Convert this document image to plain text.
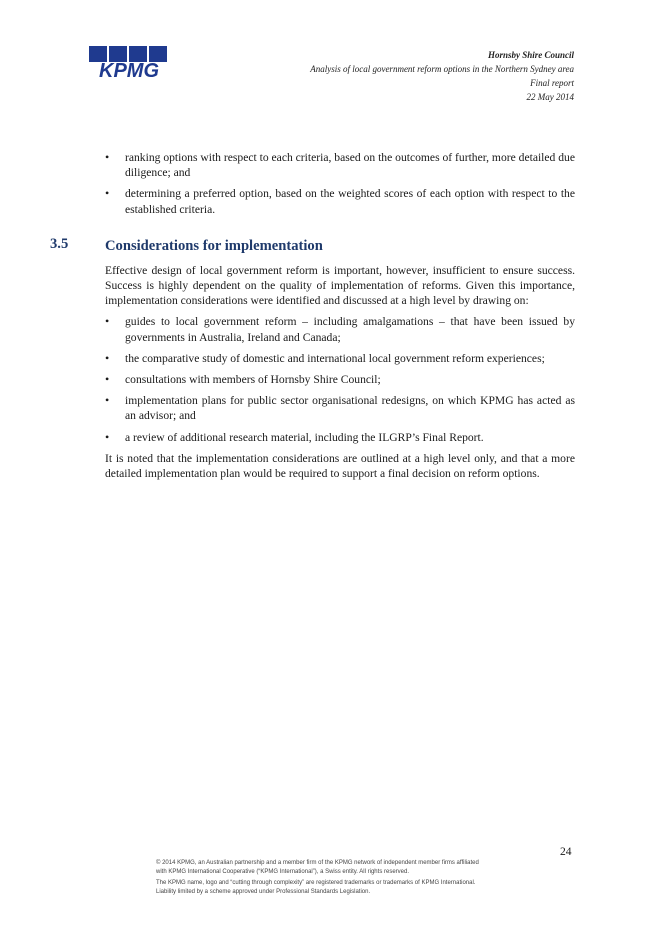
KPMG
Hornsby Shire Council
Analysis of local government reform options in the Northern Sydney area
Final report
22 May 2014
• ranking options with respect to each criteria, based on the outcomes of further, more detailed due diligence; and
• determining a preferred option, based on the weighted scores of each option with respect to the established criteria.
3.5	Considerations for implementation

Effective design of local government reform is important, however, insufficient to ensure success. Success is highly dependent on the quality of implementation of reforms. Given this importance, implementation considerations were identified and discussed at a high level by drawing on:

• guides to local government reform – including amalgamations – that have been issued by governments in Australia, Ireland and Canada;
• the comparative study of domestic and international local government reform experiences;
• consultations with members of Hornsby Shire Council;
• implementation plans for public sector organisational redesigns, on which KPMG has acted as an advisor; and
• a review of additional research material, including the ILGRP’s Final Report.

It is noted that the implementation considerations are outlined at a high level only, and that a more detailed implementation plan would be required to support a final decision on reform options.

24
© 2014 KPMG, an Australian partnership and a member firm of the KPMG network of independent member firms affiliated
with KPMG International Cooperative (“KPMG International”), a Swiss entity. All rights reserved.
The KPMG name, logo and “cutting through complexity” are registered trademarks or trademarks of KPMG International.
Liability limited by a scheme approved under Professional Standards Legislation.
